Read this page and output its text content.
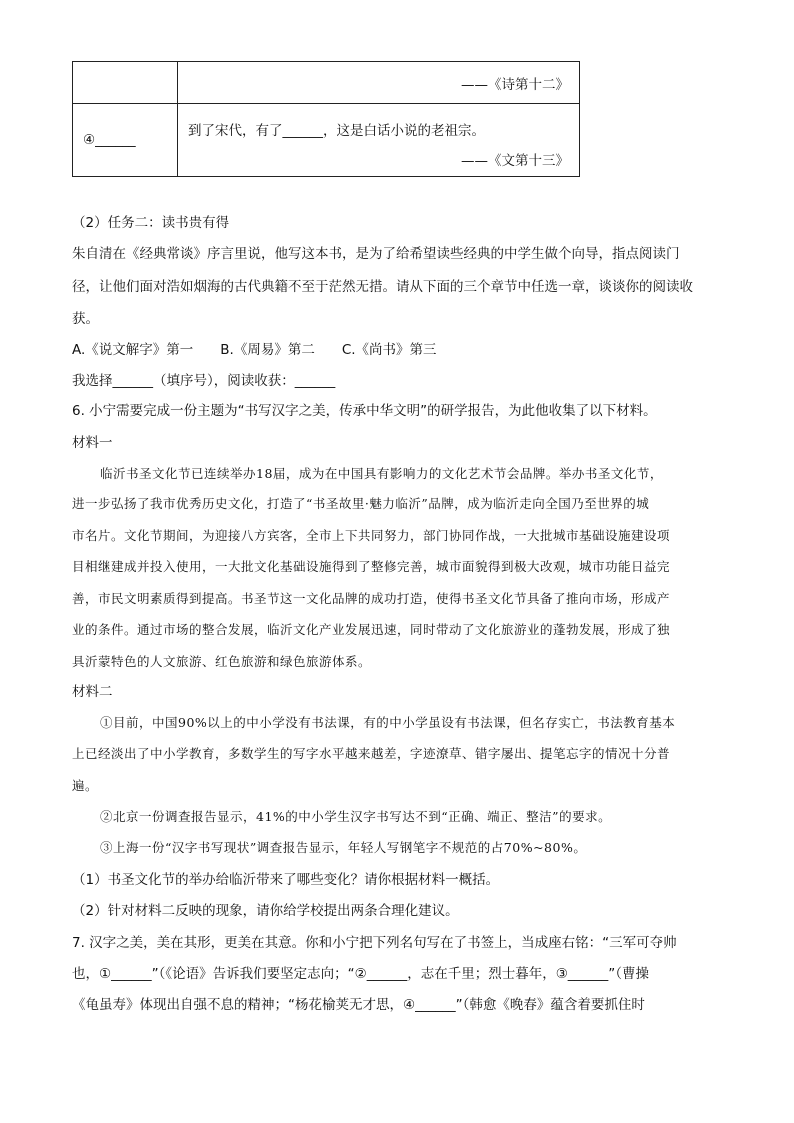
	——《诗第十二》

④______	到了宋代，有了______，这是白话小说的老祖宗。
——《文第十三》
（2）任务二：读书贵有得
朱自清在《经典常谈》序言里说，他写这本书，是为了给希望读些经典的中学生做个向导，指点阅读门
径，让他们面对浩如烟海的古代典籍不至于茫然无措。请从下面的三个章节中任选一章，谈谈你的阅读收
获。
A.《说文解字》第一　　B.《周易》第二　　C.《尚书》第三
我选择______（填序号），阅读收获：______
6. 小宁需要完成一份主题为“书写汉字之美，传承中华文明”的研学报告，为此他收集了以下材料。
材料一
临沂书圣文化节已连续举办18届，成为在中国具有影响力的文化艺术节会品牌。举办书圣文化节，
进一步弘扬了我市优秀历史文化，打造了“书圣故里·魅力临沂”品牌，成为临沂走向全国乃至世界的城
市名片。文化节期间，为迎接八方宾客，全市上下共同努力，部门协同作战，一大批城市基础设施建设项
目相继建成并投入使用，一大批文化基础设施得到了整修完善，城市面貌得到极大改观，城市功能日益完
善，市民文明素质得到提高。书圣节这一文化品牌的成功打造，使得书圣文化节具备了推向市场，形成产
业的条件。通过市场的整合发展，临沂文化产业发展迅速，同时带动了文化旅游业的蓬勃发展，形成了独
具沂蒙特色的人文旅游、红色旅游和绿色旅游体系。
材料二
①目前，中国90%以上的中小学没有书法课，有的中小学虽设有书法课，但名存实亡，书法教育基本
上已经淡出了中小学教育，多数学生的写字水平越来越差，字迹潦草、错字屡出、提笔忘字的情况十分普
遍。
②北京一份调查报告显示，41%的中小学生汉字书写达不到“正确、端正、整洁”的要求。
③上海一份“汉字书写现状”调查报告显示，年轻人写钢笔字不规范的占70%~80%。
（1）书圣文化节的举办给临沂带来了哪些变化？请你根据材料一概括。
（2）针对材料二反映的现象，请你给学校提出两条合理化建议。
7. 汉字之美，美在其形，更美在其意。你和小宁把下列名句写在了书签上，当成座右铭：“三军可夺帅
也，①______”（《论语》告诉我们要坚定志向；“②______，志在千里；烈士暮年，③______”（曹操
《龟虽寿》体现出自强不息的精神；“杨花榆荚无才思，④______”（韩愈《晚春》蕴含着要抓住时
